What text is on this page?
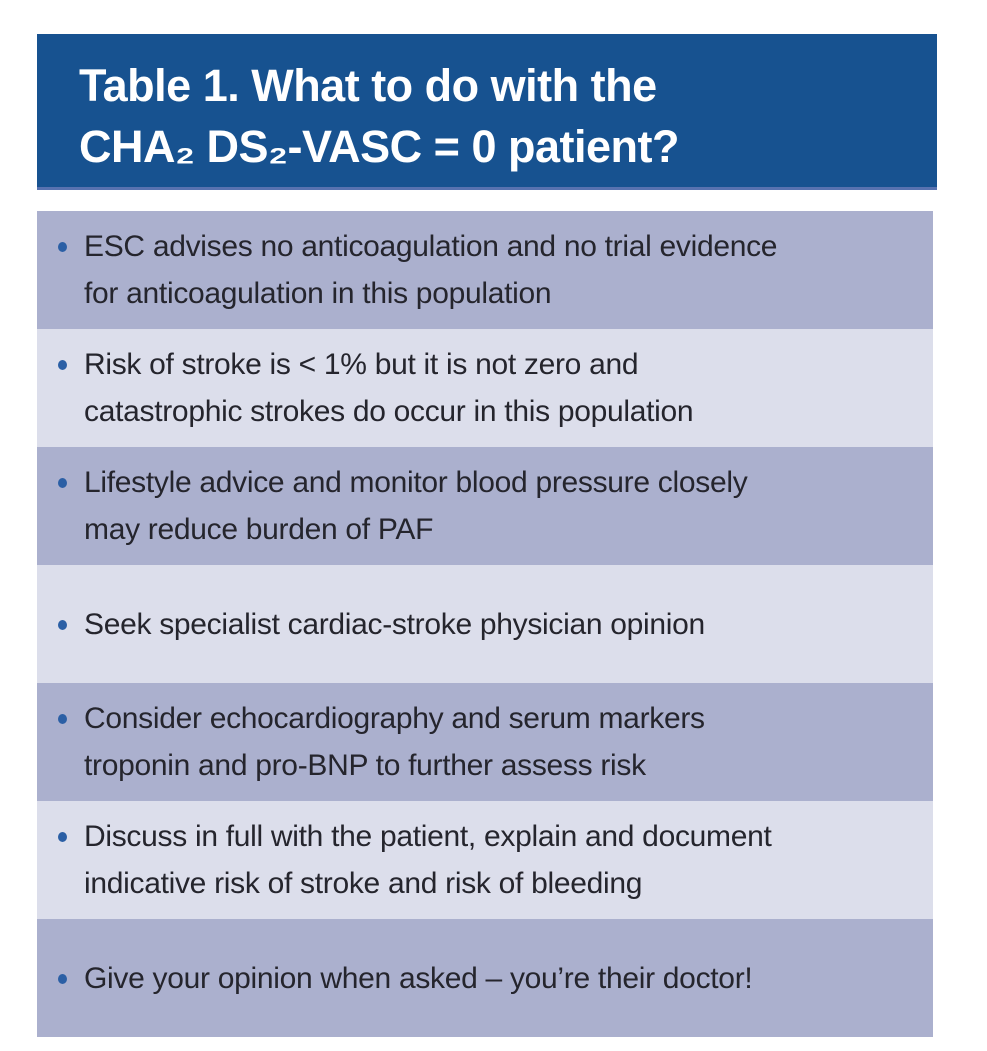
Table 1. What to do with the
CHA₂ DS₂-VASC = 0 patient?
ESC advises no anticoagulation and no trial evidence
for anticoagulation in this population
Risk of stroke is < 1% but it is not zero and
catastrophic strokes do occur in this population
Lifestyle advice and monitor blood pressure closely
may reduce burden of PAF
Seek specialist cardiac-stroke physician opinion
Consider echocardiography and serum markers
troponin and pro-BNP to further assess risk
Discuss in full with the patient, explain and document
indicative risk of stroke and risk of bleeding
Give your opinion when asked – you’re their doctor!
